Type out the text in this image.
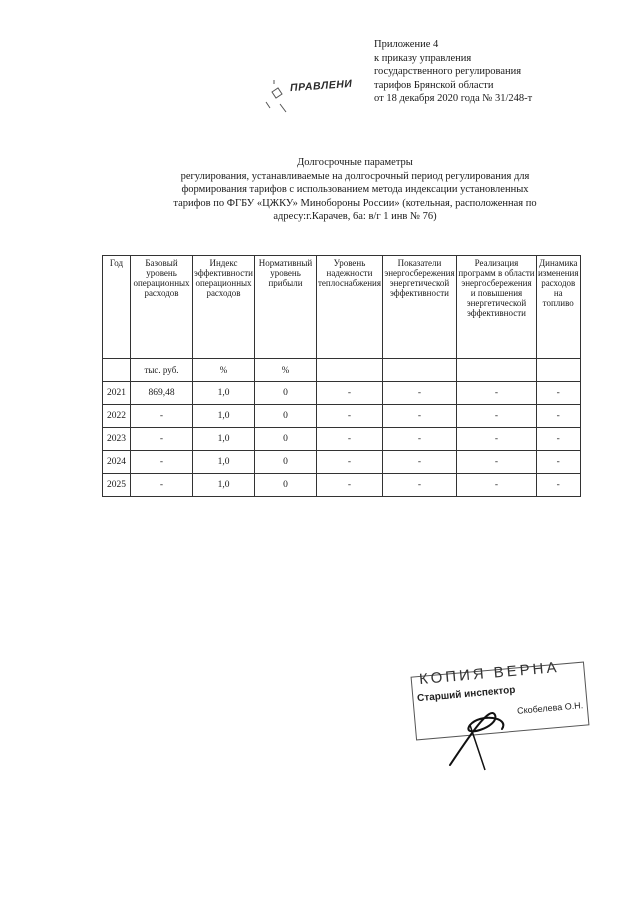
Приложение 4
к приказу управления
государственного регулирования
тарифов Брянской области
от 18 декабря 2020 года № 31/248-т
ПРАВЛЕНИ
Долгосрочные параметры
регулирования, устанавливаемые на долгосрочный период регулирования для
формирования тарифов с использованием метода индексации установленных
тарифов по ФГБУ «ЦЖКУ» Минобороны России» (котельная, расположенная по
адресу:г.Карачев, 6а: в/г 1 инв № 76)
Год	Базовый уровень операционных расходов	Индекс эффективности операционных расходов	Нормативный уровень прибыли	Уровень надежности теплоснабжения	Показатели энергосбережения энергетической эффективности	Реализация программ в области энергосбережения и повышения энергетической эффективности	Динамика изменения расходов на топливо
	тыс. руб.	%	%				
2021	869,48	1,0	0	-	-	-	-
2022	-	1,0	0	-	-	-	-
2023	-	1,0	0	-	-	-	-
2024	-	1,0	0	-	-	-	-
2025	-	1,0	0	-	-	-	-
КОПИЯ ВЕРНА
Старший инспектор
Скобелева О.Н.
